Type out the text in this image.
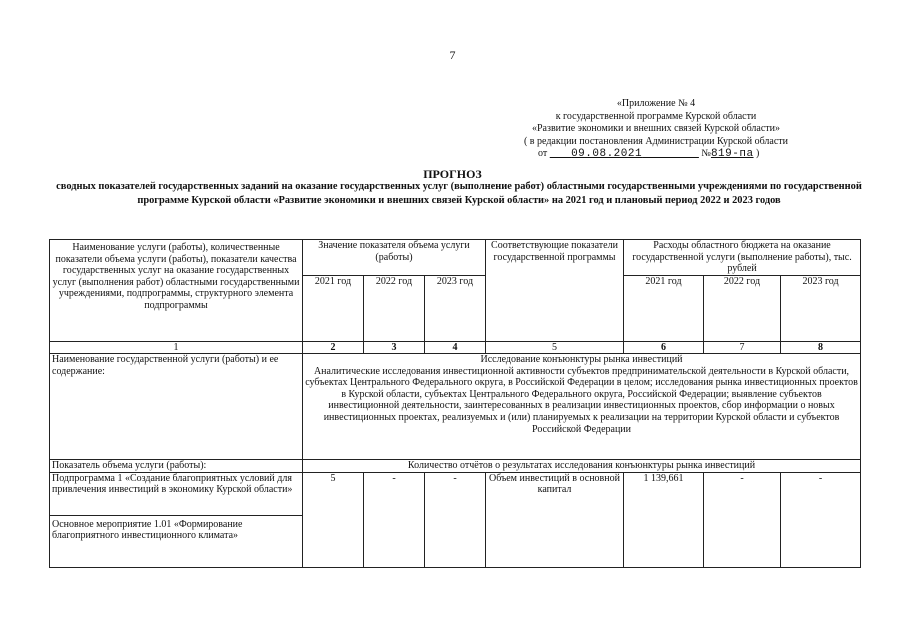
7
«Приложение № 4
к государственной программе Курской области
«Развитие экономики и внешних связей Курской области»
( в редакции постановления Администрации Курской области
от 09.08.2021	№819-па )
ПРОГНОЗ
сводных показателей государственных заданий на оказание государственных услуг (выполнение работ) областными государственными учреждениями по государственной программе Курской области «Развитие экономики и внешних связей Курской области» на 2021 год и плановый период 2022 и 2023 годов
Наименование услуги (работы), количественные показатели объема услуги (работы), показатели качества государственных услуг на оказание государственных услуг (выполнения работ) областными государственными учреждениями, подпрограммы, структурного элемента подпрограммы	Значение показателя объема услуги (работы)			Соответствующие показатели государственной программы	Расходы областного бюджета на оказание государственной услуги (выполнение работы), тыс. рублей		
	2021 год	2022 год	2023 год		2021 год	2022 год	2023 год
1	2	3	4	5	6	7	8
Наименование государственной услуги (работы) и ее содержание:	Исследование конъюнктуры рынка инвестиций
Аналитические исследования инвестиционной активности субъектов предпринимательской деятельности в Курской области, субъектах Центрального Федерального округа, в Российской Федерации в целом; исследования рынка инвестиционных проектов в Курской области, субъектах Центрального Федерального округа, Российской Федерации; выявление субъектов инвестиционной деятельности, заинтересованных в реализации инвестиционных проектов, сбор информации о новых инвестиционных проектах, реализуемых и (или) планируемых к реализации на территории Курской области и субъектов Российской Федерации						

Показатель объема услуги (работы):	Количество отчётов о результатах исследования конъюнктуры рынка инвестиций						
Подпрограмма 1 «Создание благоприятных условий для привлечения инвестиций в экономику Курской области»	5	-	-	Объем инвестиций в основной капитал	1 139,661	-	-
Основное мероприятие 1.01 «Формирование благоприятного инвестиционного климата»							
